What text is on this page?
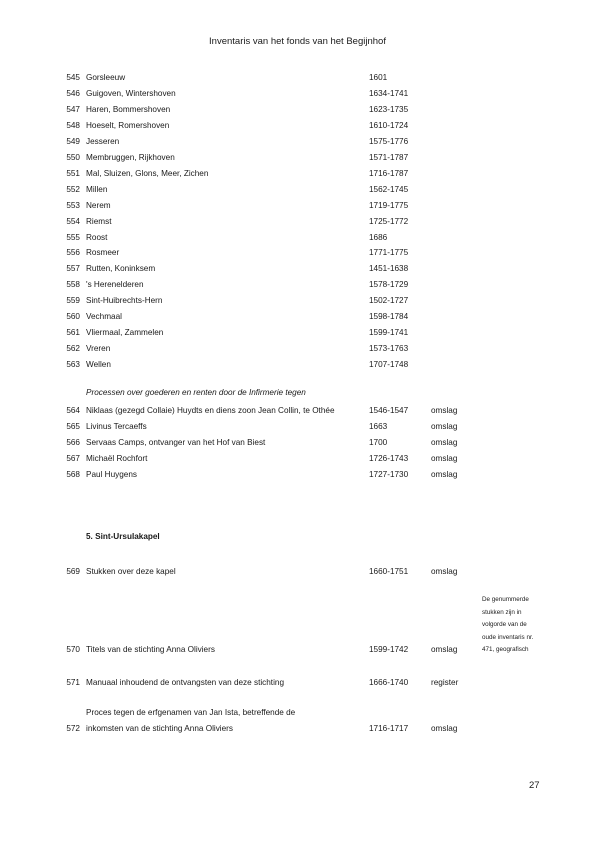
Inventaris van het fonds van het Begijnhof
545 Gorsleeuw	1601
546 Guigoven, Wintershoven	1634-1741
547 Haren, Bommershoven	1623-1735
548 Hoeselt, Romershoven	1610-1724
549 Jesseren	1575-1776
550 Membruggen, Rijkhoven	1571-1787
551 Mal, Sluizen, Glons, Meer, Zichen	1716-1787
552 Millen	1562-1745
553 Nerem	1719-1775
554 Riemst	1725-1772
555 Roost	1686
556 Rosmeer	1771-1775
557 Rutten, Koninksem	1451-1638
558 's Herenelderen	1578-1729
559 Sint-Huibrechts-Hern	1502-1727
560 Vechmaal	1598-1784
561 Vliermaal, Zammelen	1599-1741
562 Vreren	1573-1763
563 Wellen	1707-1748
Processen over goederen en renten door de Infirmerie tegen
564 Niklaas (gezegd Collaie) Huydts en diens zoon Jean Collin, te Othée	1546-1547	omslag
565 Livinus Tercaeffs	1663	omslag
566 Servaas Camps, ontvanger van het Hof van Biest	1700	omslag
567 Michaël Rochfort	1726-1743	omslag
568 Paul Huygens	1727-1730	omslag
5. Sint-Ursulakapel
569 Stukken over deze kapel	1660-1751	omslag
570 Titels van de stichting Anna Oliviers	1599-1742	omslag
571 Manuaal inhoudend de ontvangsten van deze stichting	1666-1740	register
De genummerde
stukken zijn in
volgorde van de
oude inventaris nr.
471, geografisch
Proces tegen de erfgenamen van Jan Ista, betreffende de
572 inkomsten van de stichting Anna Oliviers	1716-1717	omslag
27
